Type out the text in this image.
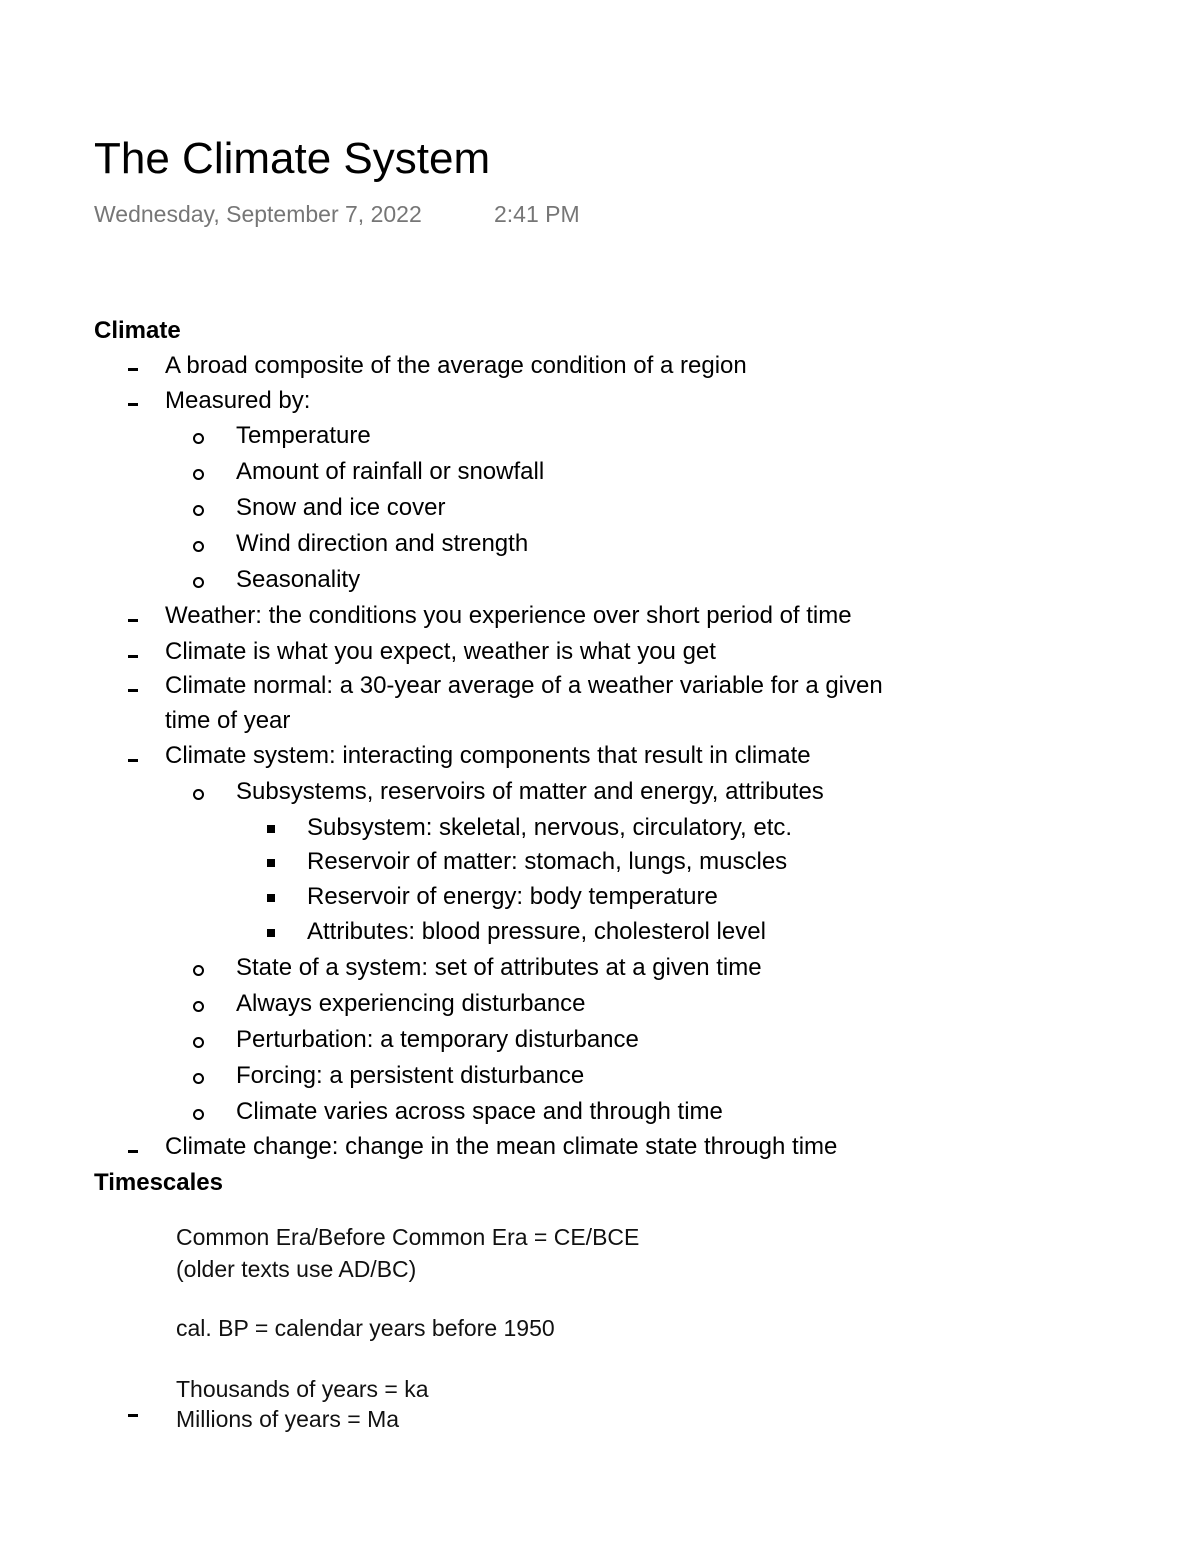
The Climate System
Wednesday, September 7, 2022	2:41 PM
Climate
A broad composite of the average condition of a region
Measured by:
Temperature
Amount of rainfall or snowfall
Snow and ice cover
Wind direction and strength
Seasonality
Weather: the conditions you experience over short period of time
Climate is what you expect, weather is what you get
Climate normal: a 30-year average of a weather variable for a given
time of year
Climate system: interacting components that result in climate
Subsystems, reservoirs of matter and energy, attributes
Subsystem: skeletal, nervous, circulatory, etc.
Reservoir of matter: stomach, lungs, muscles
Reservoir of energy: body temperature
Attributes: blood pressure, cholesterol level
State of a system: set of attributes at a given time
Always experiencing disturbance
Perturbation: a temporary disturbance
Forcing: a persistent disturbance
Climate varies across space and through time
Climate change: change in the mean climate state through time
Timescales
Common Era/Before Common Era = CE/BCE
(older texts use AD/BC)
cal. BP = calendar years before 1950
Thousands of years = ka
Millions of years = Ma
